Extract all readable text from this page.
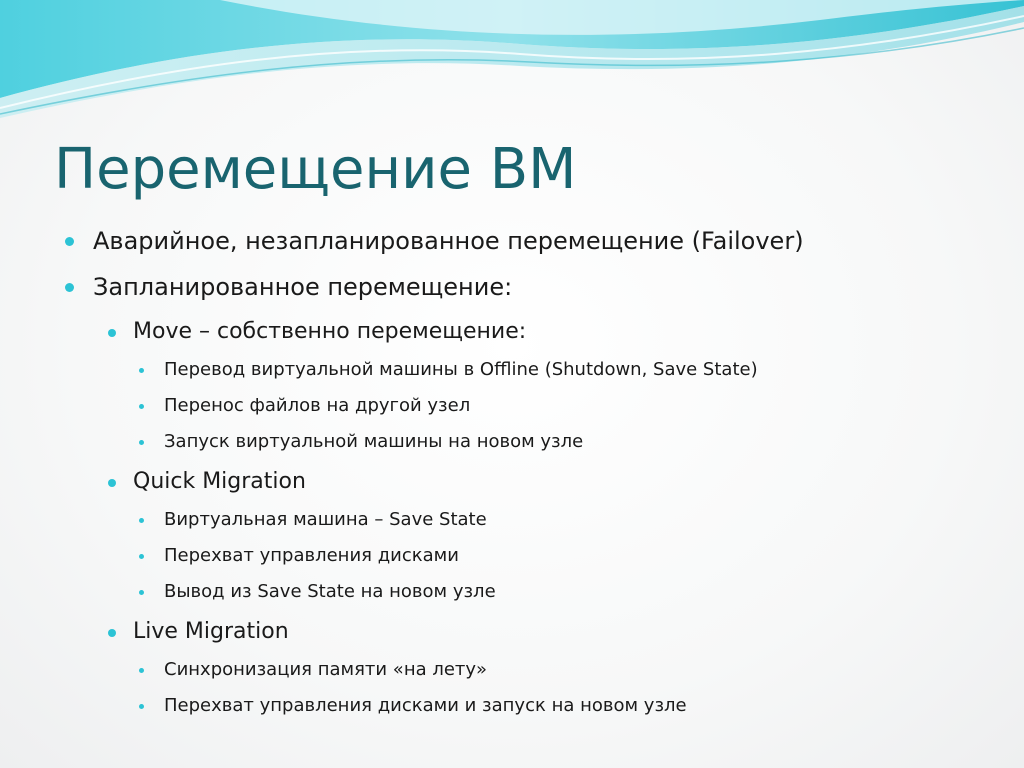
Перемещение ВМ
Аварийное, незапланированное перемещение (Failover)
Запланированное перемещение:
Move – собственно перемещение:
Перевод виртуальной машины в Offline (Shutdown, Save State)
Перенос файлов на другой узел
Запуск виртуальной машины на новом узле
Quick Migration
Виртуальная машина – Save State
Перехват управления дисками
Вывод из Save State на новом узле
Live Migration
Синхронизация памяти «на лету»
Перехват управления дисками и запуск на новом узле
